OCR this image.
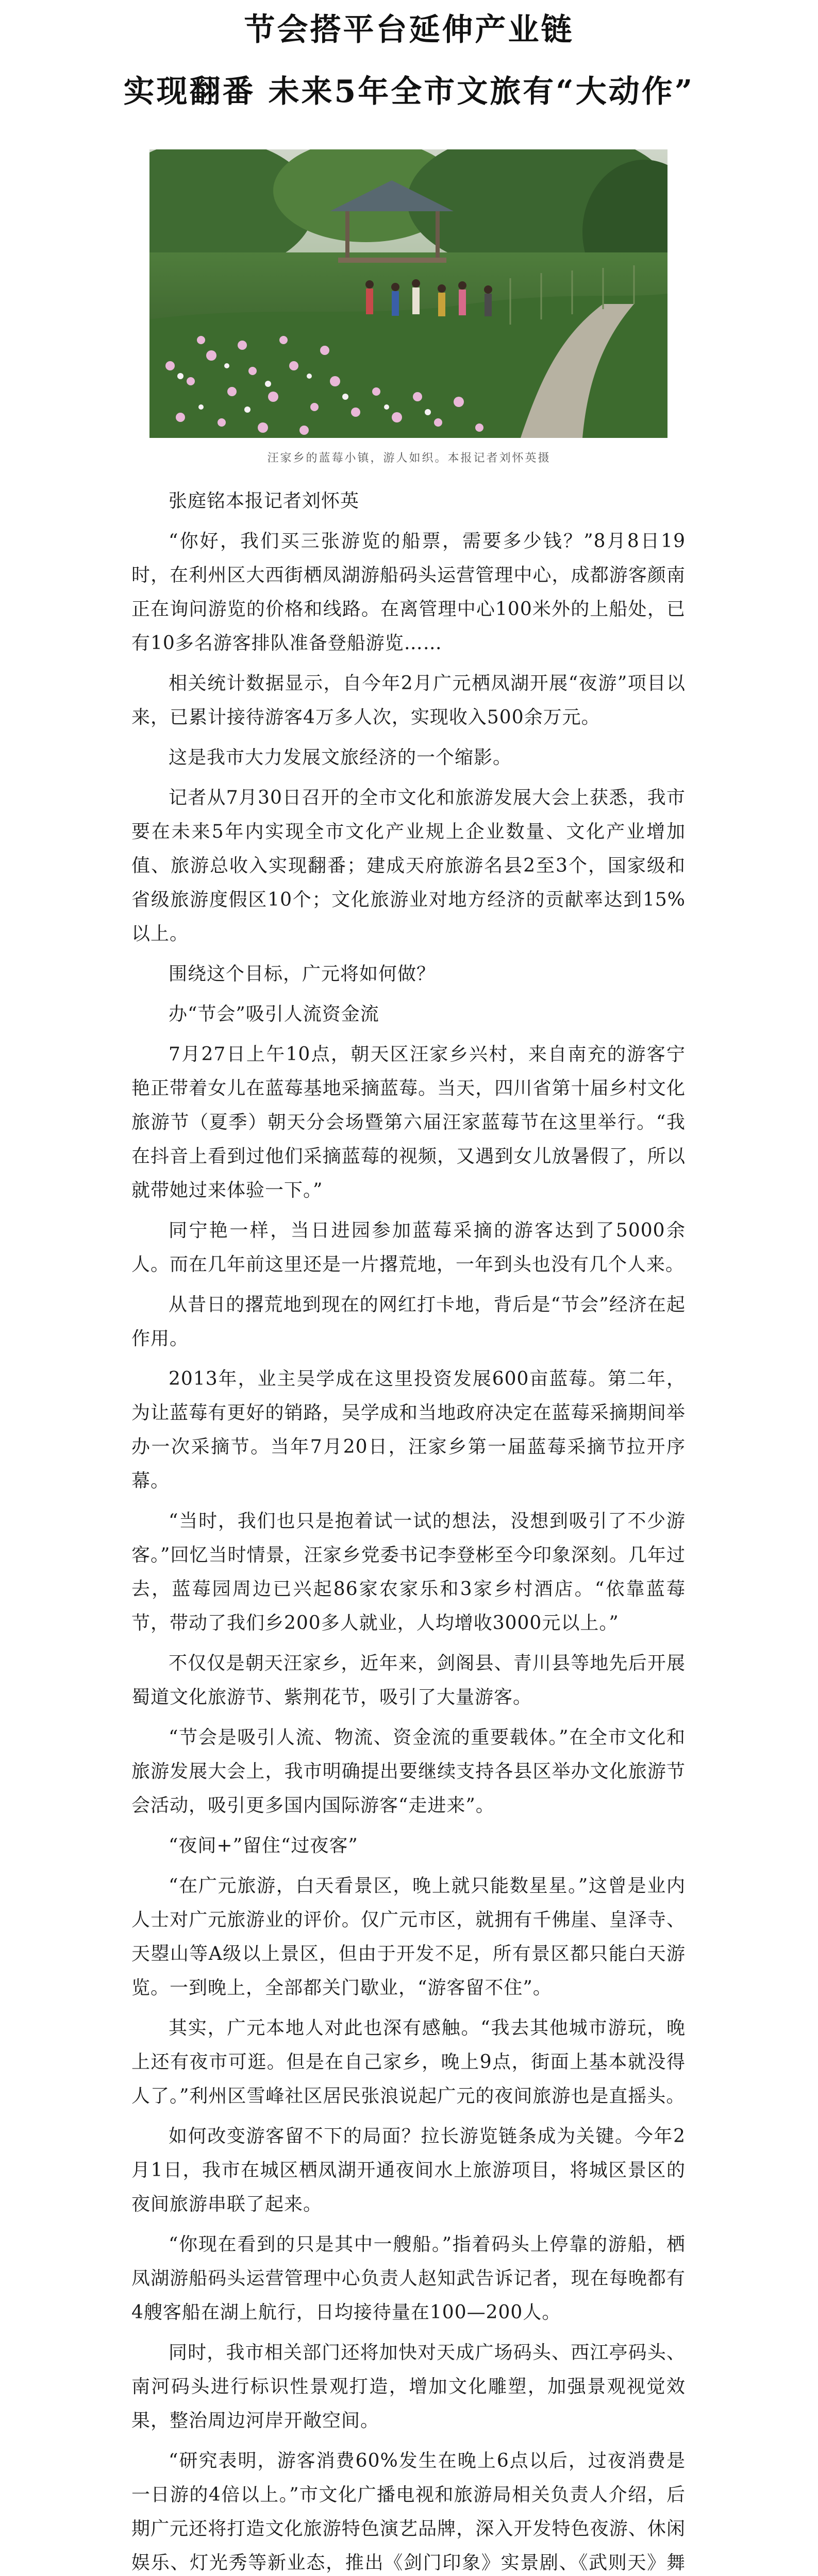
节会搭平台延伸产业链
实现翻番 未来5年全市文旅有“大动作”
汪家乡的蓝莓小镇，游人如织。本报记者刘怀英摄

张庭铭本报记者刘怀英

“你好，我们买三张游览的船票，需要多少钱？”8月8日19时，在利州区大西街栖凤湖游船码头运营管理中心，成都游客颜南正在询问游览的价格和线路。在离管理中心100米外的上船处，已有10多名游客排队准备登船游览……

相关统计数据显示，自今年2月广元栖凤湖开展“夜游”项目以来，已累计接待游客4万多人次，实现收入500余万元。

这是我市大力发展文旅经济的一个缩影。

记者从7月30日召开的全市文化和旅游发展大会上获悉，我市要在未来5年内实现全市文化产业规上企业数量、文化产业增加值、旅游总收入实现翻番；建成天府旅游名县2至3个，国家级和省级旅游度假区10个；文化旅游业对地方经济的贡献率达到15%以上。

围绕这个目标，广元将如何做？

办“节会”吸引人流资金流

7月27日上午10点，朝天区汪家乡兴村，来自南充的游客宁艳正带着女儿在蓝莓基地采摘蓝莓。当天，四川省第十届乡村文化旅游节（夏季）朝天分会场暨第六届汪家蓝莓节在这里举行。“我在抖音上看到过他们采摘蓝莓的视频，又遇到女儿放暑假了，所以就带她过来体验一下。”

同宁艳一样，当日进园参加蓝莓采摘的游客达到了5000余人。而在几年前这里还是一片撂荒地，一年到头也没有几个人来。

从昔日的撂荒地到现在的网红打卡地，背后是“节会”经济在起作用。

2013年，业主吴学成在这里投资发展600亩蓝莓。第二年，为让蓝莓有更好的销路，吴学成和当地政府决定在蓝莓采摘期间举办一次采摘节。当年7月20日，汪家乡第一届蓝莓采摘节拉开序幕。

“当时，我们也只是抱着试一试的想法，没想到吸引了不少游客。”回忆当时情景，汪家乡党委书记李登彬至今印象深刻。几年过去，蓝莓园周边已兴起86家农家乐和3家乡村酒店。“依靠蓝莓节，带动了我们乡200多人就业，人均增收3000元以上。”

不仅仅是朝天汪家乡，近年来，剑阁县、青川县等地先后开展蜀道文化旅游节、紫荆花节，吸引了大量游客。

“节会是吸引人流、物流、资金流的重要载体。”在全市文化和旅游发展大会上，我市明确提出要继续支持各县区举办文化旅游节会活动，吸引更多国内国际游客“走进来”。

“夜间+”留住“过夜客”

“在广元旅游，白天看景区，晚上就只能数星星。”这曾是业内人士对广元旅游业的评价。仅广元市区，就拥有千佛崖、皇泽寺、天曌山等A级以上景区，但由于开发不足，所有景区都只能白天游览。一到晚上，全部都关门歇业，“游客留不住”。

其实，广元本地人对此也深有感触。“我去其他城市游玩，晚上还有夜市可逛。但是在自己家乡，晚上9点，街面上基本就没得人了。”利州区雪峰社区居民张浪说起广元的夜间旅游也是直摇头。

如何改变游客留不下的局面？拉长游览链条成为关键。今年2月1日，我市在城区栖凤湖开通夜间水上旅游项目，将城区景区的夜间旅游串联了起来。

“你现在看到的只是其中一艘船。”指着码头上停靠的游船，栖凤湖游船码头运营管理中心负责人赵知武告诉记者，现在每晚都有4艘客船在湖上航行，日均接待量在100—200人。

同时，我市相关部门还将加快对天成广场码头、西江亭码头、南河码头进行标识性景观打造，增加文化雕塑，加强景观视觉效果，整治周边河岸开敞空间。

“研究表明，游客消费60%发生在晚上6点以后，过夜消费是一日游的4倍以上。”市文化广播电视和旅游局相关负责人介绍，后期广元还将打造文化旅游特色演艺品牌，深入开发特色夜游、休闲娱乐、灯光秀等新业态，推出《剑门印象》实景剧、《武则天》舞
